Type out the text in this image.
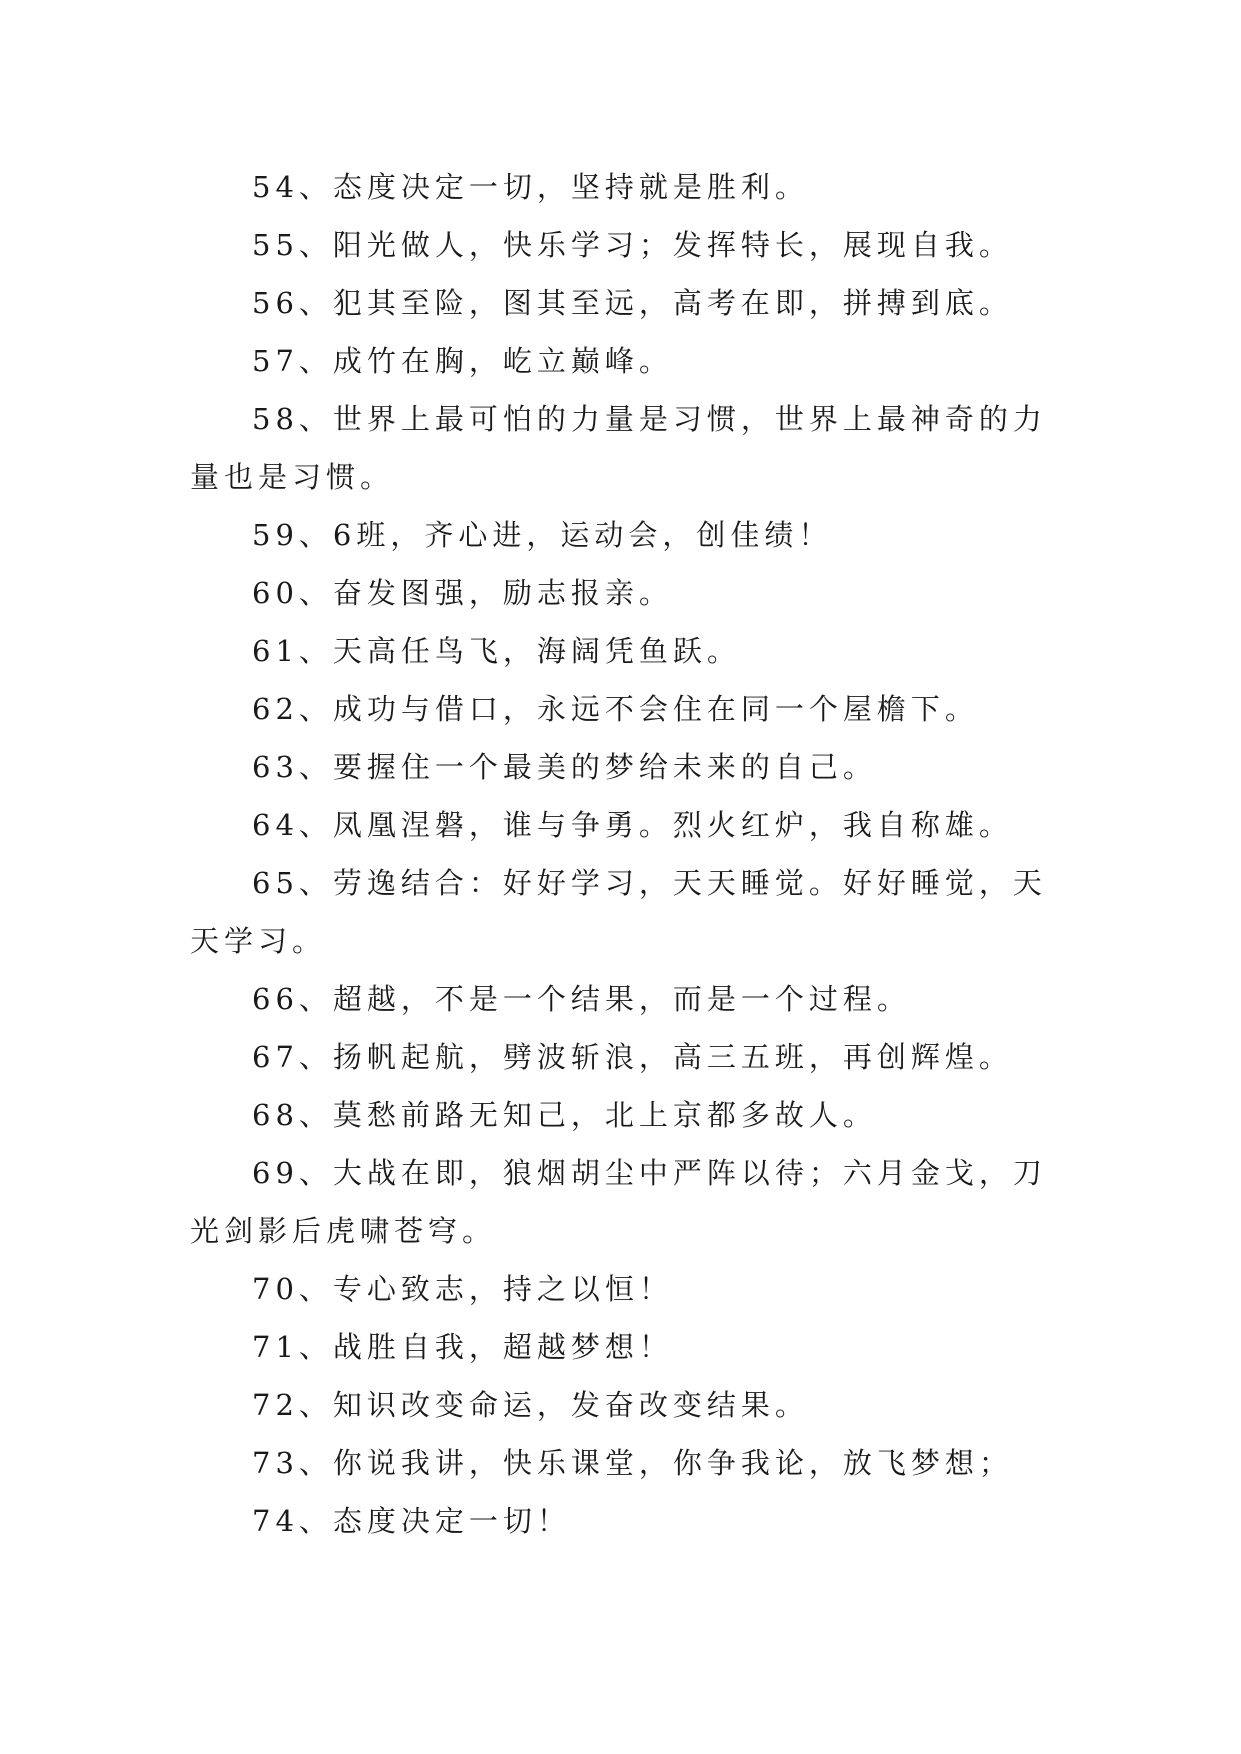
54、态度决定一切，坚持就是胜利。

55、阳光做人，快乐学习；发挥特长，展现自我。

56、犯其至险，图其至远，高考在即，拼搏到底。

57、成竹在胸，屹立巅峰。

58、世界上最可怕的力量是习惯，世界上最神奇的力量也是习惯。

59、6班，齐心进，运动会，创佳绩！

60、奋发图强，励志报亲。

61、天高任鸟飞，海阔凭鱼跃。

62、成功与借口，永远不会住在同一个屋檐下。

63、要握住一个最美的梦给未来的自己。

64、凤凰涅磐，谁与争勇。烈火红炉，我自称雄。

65、劳逸结合：好好学习，天天睡觉。好好睡觉，天天学习。

66、超越，不是一个结果，而是一个过程。

67、扬帆起航，劈波斩浪，高三五班，再创辉煌。

68、莫愁前路无知己，北上京都多故人。

69、大战在即，狼烟胡尘中严阵以待；六月金戈，刀光剑影后虎啸苍穹。

70、专心致志，持之以恒！

71、战胜自我，超越梦想！

72、知识改变命运，发奋改变结果。

73、你说我讲，快乐课堂，你争我论，放飞梦想；

74、态度决定一切！
